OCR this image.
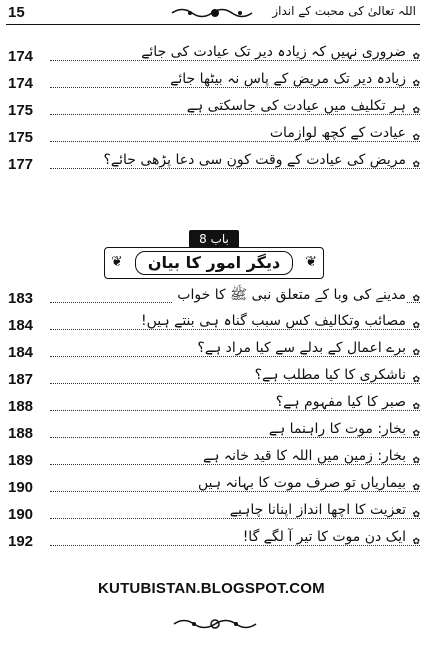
15	اللہ تعالیٰ کی محبت کے انداز
174	ضروری نہیں کہ زیادہ دیر تک عیادت کی جائے ✿
174	زیادہ دیر تک مریض کے پاس نہ بیٹھا جائے ✿
175	ہر تکلیف میں عیادت کی جاسکتی ہے ✿
175	عیادت کے کچھ لوازمات ✿
177	مریض کی عیادت کے وقت کون سی دعا پڑھی جائے؟ ✿
باب 8
❦	دیگر امور کا بیان	❦
183	مدینے کی وبا کے متعلق نبی ﷺ کا خواب ✿
184	مصائب وتکالیف کس سبب گناہ ہی بنتے ہیں! ✿
184	برے اعمال کے بدلے سے کیا مراد ہے؟ ✿
187	ناشکری کا کیا مطلب ہے؟ ✿
188	صبر کا کیا مفہوم ہے؟ ✿
188	بخار: موت کا راہنما ہے ✿
189	بخار: زمین میں اللہ کا قید خانہ ہے ✿
190	بیماریاں تو صرف موت کا بہانہ ہیں ✿
190	تعزیت کا اچھا انداز اپنانا چاہیے ✿
192	ایک دن موت کا تیر آ لگے گا! ✿
KUTUBISTAN.BLOGSPOT.COM
